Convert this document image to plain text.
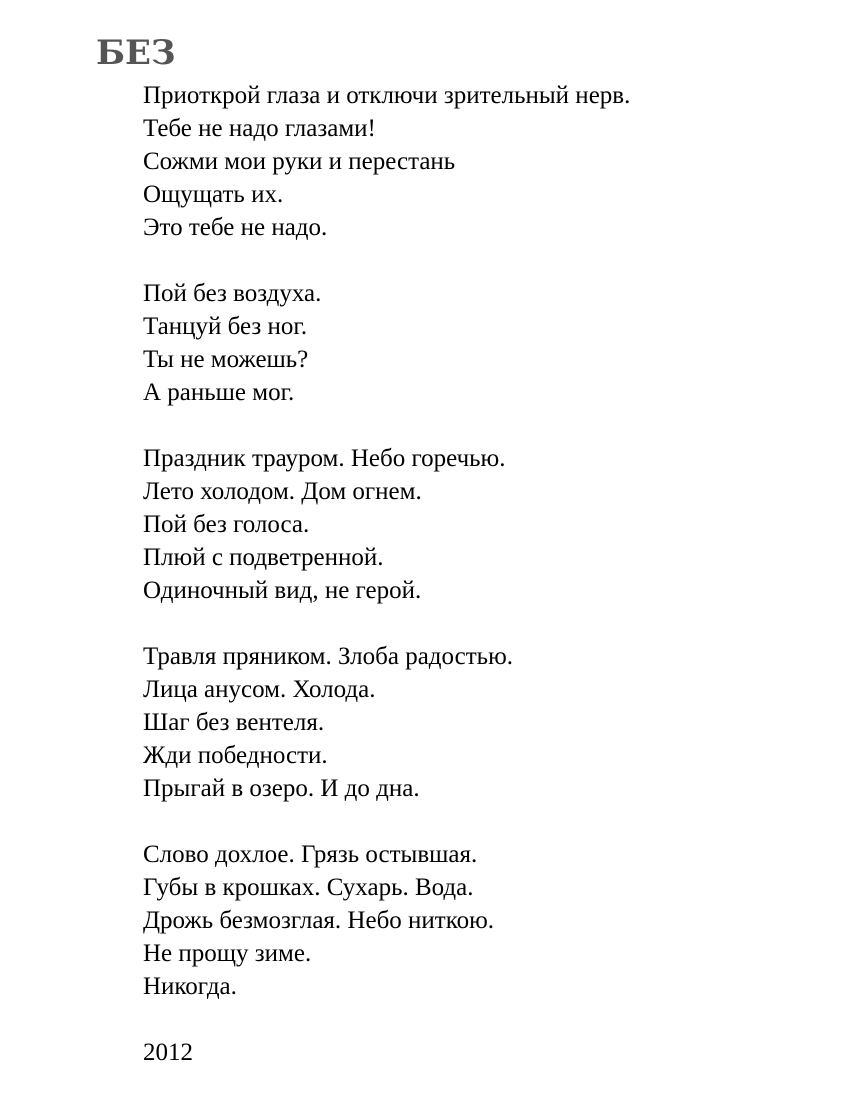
БЕЗ
Приоткрой глаза и отключи зрительный нерв.
Тебе не надо глазами!
Сожми мои руки и перестань
Ощущать их.
Это тебе не надо.
Пой без воздуха.
Танцуй без ног.
Ты не можешь?
А раньше мог.
Праздник трауром. Небо горечью.
Лето холодом. Дом огнем.
Пой без голоса.
Плюй с подветренной.
Одиночный вид, не герой.
Травля пряником. Злоба радостью.
Лица анусом. Холода.
Шаг без вентеля.
Жди победности.
Прыгай в озеро. И до дна.
Слово дохлое. Грязь остывшая.
Губы в крошках. Сухарь. Вода.
Дрожь безмозглая. Небо ниткою.
Не прощу зиме.
Никогда.
2012
